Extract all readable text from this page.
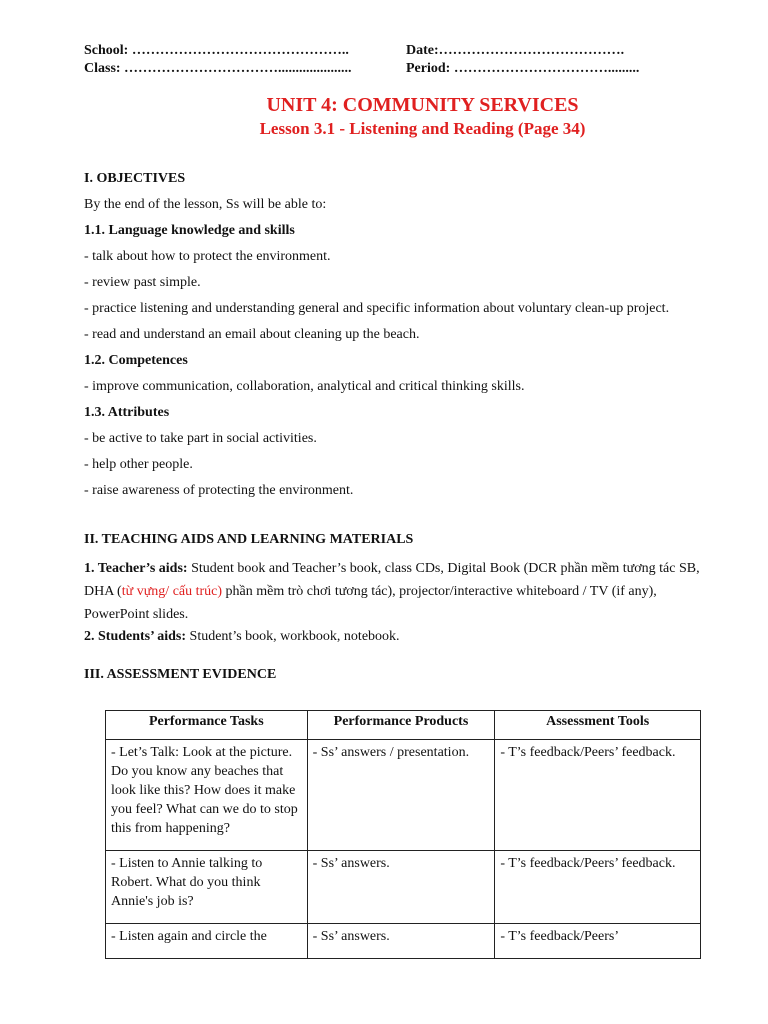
School: ………………………………………..
Class: …………………………….....................
Date:………………………………….
Period: …………………………….........
UNIT 4: COMMUNITY SERVICES
Lesson 3.1 - Listening and Reading (Page 34)

I. OBJECTIVES

By the end of the lesson, Ss will be able to:

1.1. Language knowledge and skills

- talk about how to protect the environment.

- review past simple.

- practice listening and understanding general and specific information about voluntary clean-up project.

- read and understand an email about cleaning up the beach.

1.2. Competences

- improve communication, collaboration, analytical and critical thinking skills.

1.3. Attributes

- be active to take part in social activities.

- help other people.

- raise awareness of protecting the environment.

II. TEACHING AIDS AND LEARNING MATERIALS

1. Teacher’s aids: Student book and Teacher’s book, class CDs, Digital Book (DCR phần mềm tương tác SB, DHA (từ vựng/ cấu trúc) phần mềm trò chơi tương tác), projector/interactive whiteboard / TV (if any), PowerPoint slides.

2. Students’ aids: Student’s book, workbook, notebook.

III. ASSESSMENT EVIDENCE

Performance Tasks	Performance Products	Assessment Tools
- Let’s Talk: Look at the picture. Do you know any beaches that look like this? How does it make you feel? What can we do to stop this from happening?	- Ss’ answers / presentation.	- T’s feedback/Peers’ feedback.
- Listen to Annie talking to Robert. What do you think Annie's job is?	- Ss’ answers.	- T’s feedback/Peers’ feedback.
- Listen again and circle the	- Ss’ answers.	- T’s feedback/Peers’
